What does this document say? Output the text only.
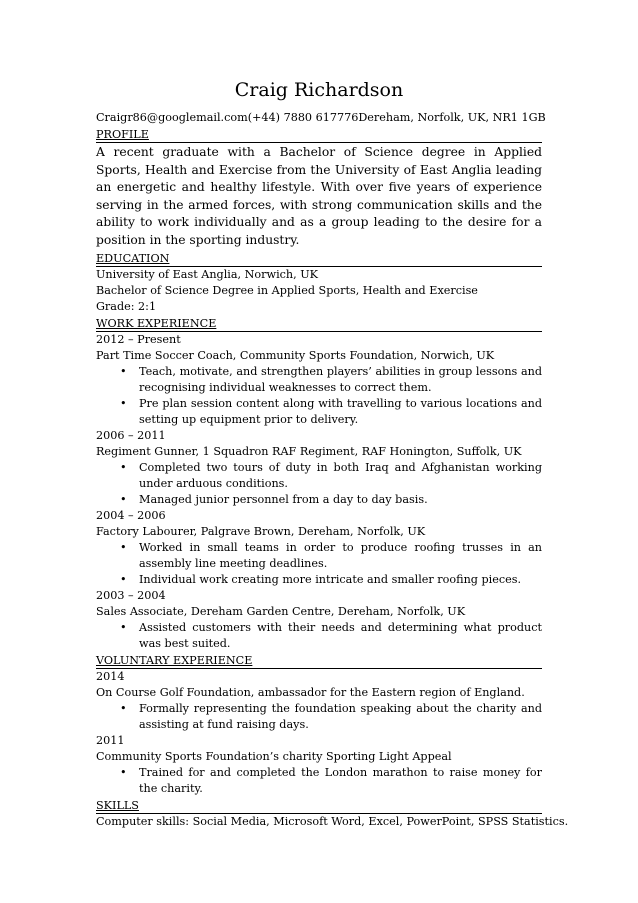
Craig Richardson
Craigr86@googlemail.com (+44) 7880 617776 Dereham, Norfolk, UK, NR1 1GB
PROFILE

A recent graduate with a Bachelor of Science degree in Applied Sports, Health and Exercise from the University of East Anglia leading an energetic and healthy lifestyle. With over five years of experience serving in the armed forces, with strong communication skills and the ability to work individually and as a group leading to the desire for a position in the sporting industry.

EDUCATION
University of East Anglia, Norwich, UK
Bachelor of Science Degree in Applied Sports, Health and Exercise
Grade: 2:1
WORK EXPERIENCE
2012 – Present
Part Time Soccer Coach, Community Sports Foundation, Norwich, UK
• Teach, motivate, and strengthen players’ abilities in group lessons and recognising individual weaknesses to correct them.
• Pre plan session content along with travelling to various locations and setting up equipment prior to delivery.
2006 – 2011
Regiment Gunner, 1 Squadron RAF Regiment, RAF Honington, Suffolk, UK
• Completed two tours of duty in both Iraq and Afghanistan working under arduous conditions.
• Managed junior personnel from a day to day basis.
2004 – 2006
Factory Labourer, Palgrave Brown, Dereham, Norfolk, UK
• Worked in small teams in order to produce roofing trusses in an assembly line meeting deadlines.
• Individual work creating more intricate and smaller roofing pieces.
2003 – 2004
Sales Associate, Dereham Garden Centre, Dereham, Norfolk, UK
• Assisted customers with their needs and determining what product was best suited.
VOLUNTARY EXPERIENCE
2014
On Course Golf Foundation, ambassador for the Eastern region of England.
• Formally representing the foundation speaking about the charity and assisting at fund raising days.
2011
Community Sports Foundation’s charity Sporting Light Appeal
• Trained for and completed the London marathon to raise money for the charity.
SKILLS
Computer skills: Social Media, Microsoft Word, Excel, PowerPoint, SPSS Statistics.
